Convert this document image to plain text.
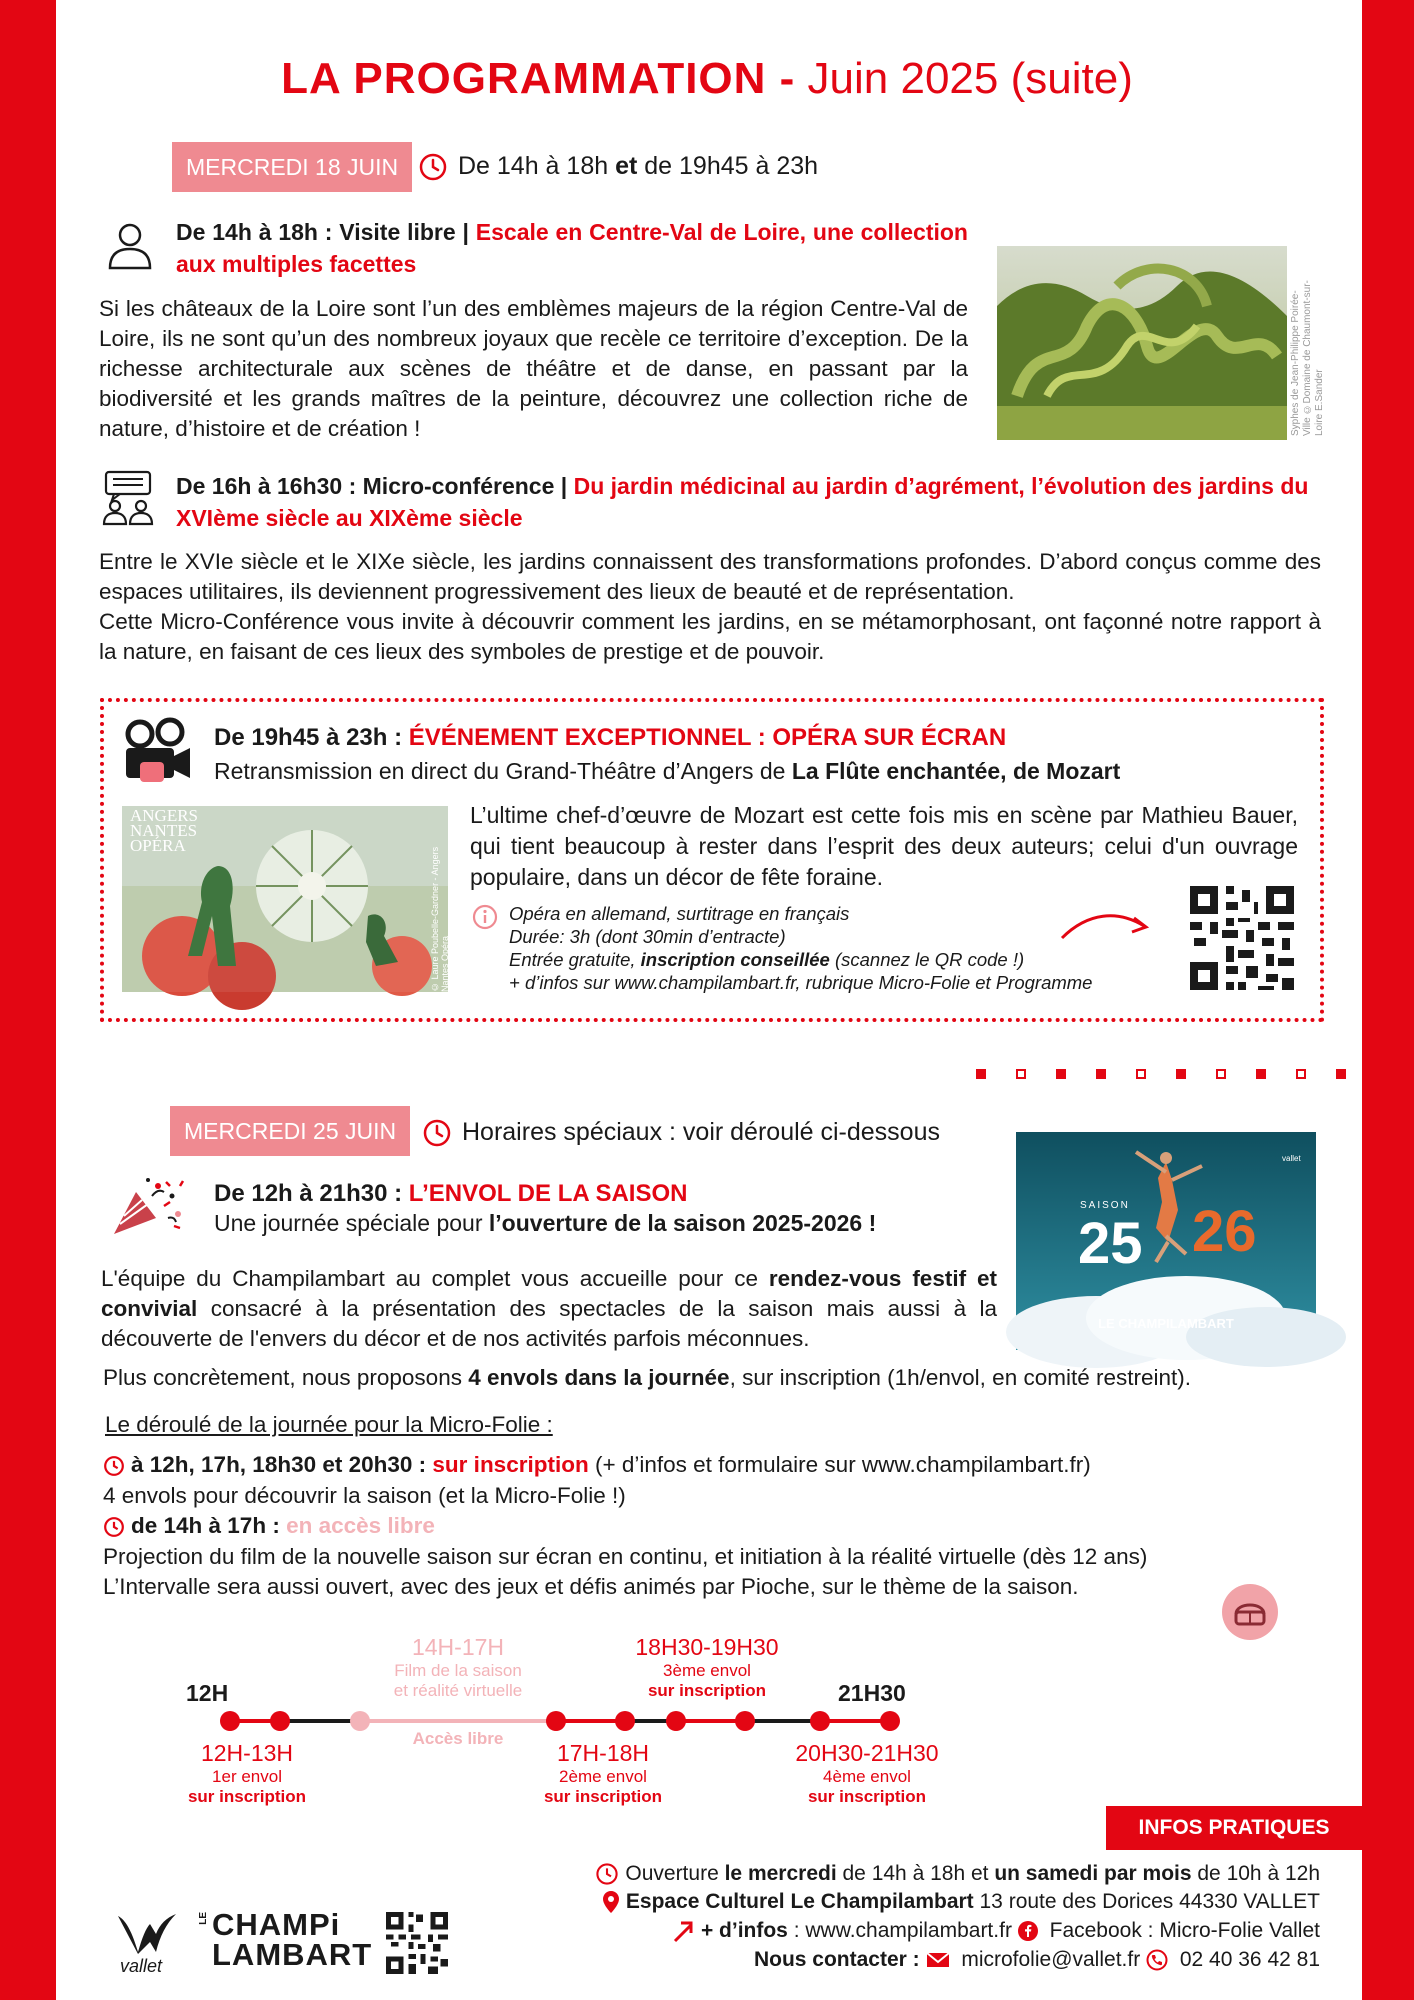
LA PROGRAMMATION - Juin 2025 (suite)
MERCREDI 18 JUIN	De 14h à 18h et de 19h45 à 23h
De 14h à 18h : Visite libre | Escale en Centre-Val de Loire, une collection aux multiples facettes
Si les châteaux de la Loire sont l’un des emblèmes majeurs de la région Centre-Val de Loire, ils ne sont qu’un des nombreux joyaux que recèle ce territoire d’exception. De la richesse architecturale aux scènes de théâtre et de danse, en passant par la biodiversité et les grands maîtres de la peinture, découvrez une collection riche de nature, d’histoire et de création !	Syphes de Jean-Philippe Poirée-Ville ©Domaine de Chaumont-sur-Loire E.Sander
De 16h à 16h30 : Micro-conférence | Du jardin médicinal au jardin d’agrément, l’évolution des jardins du XVIème siècle au XIXème siècle
Entre le XVIe siècle et le XIXe siècle, les jardins connaissent des transformations profondes. D’abord conçus comme des espaces utilitaires, ils deviennent progressivement des lieux de beauté et de représentation.
Cette Micro-Conférence vous invite à découvrir comment les jardins, en se métamorphosant, ont façonné notre rapport à la nature, en faisant de ces lieux des symboles de prestige et de pouvoir.
De 19h45 à 23h : ÉVÉNEMENT EXCEPTIONNEL : OPÉRA SUR ÉCRAN
Retransmission en direct du Grand-Théâtre d’Angers de La Flûte enchantée, de Mozart
ANGERS NANTES OPÉRA
© Laure Poubelle-Gardner - Angers Nantes Opéra
L’ultime chef-d’œuvre de Mozart est cette fois mis en scène par Mathieu Bauer, qui tient beaucoup à rester dans l’esprit des deux auteurs; celui d'un ouvrage populaire, dans un décor de fête foraine.
Opéra en allemand, surtitrage en français
Durée: 3h (dont 30min d’entracte)
Entrée gratuite, inscription conseillée (scannez le QR code !)
+ d’infos sur www.champilambart.fr, rubrique Micro-Folie et Programme
MERCREDI 25 JUIN	Horaires spéciaux : voir déroulé ci-dessous
De 12h à 21h30 : L’ENVOL DE LA SAISON
Une journée spéciale pour l’ouverture de la saison 2025-2026 !
SAISON
25 26
LE CHAMPILAMBART
vallet
L'équipe du Champilambart au complet vous accueille pour ce rendez-vous festif et convivial consacré à la présentation des spectacles de la saison mais aussi à la découverte de l'envers du décor et de nos activités parfois méconnues.
Plus concrètement, nous proposons 4 envols dans la journée, sur inscription (1h/envol, en comité restreint).
Le déroulé de la journée pour la Micro-Folie :
à 12h, 17h, 18h30 et 20h30 : sur inscription (+ d’infos et formulaire sur www.champilambart.fr)
4 envols pour découvrir la saison (et la Micro-Folie !)
de 14h à 17h : en accès libre
Projection du film de la nouvelle saison sur écran en continu, et initiation à la réalité virtuelle (dès 12 ans)
L’Intervalle sera aussi ouvert, avec des jeux et défis animés par Pioche, sur le thème de la saison.
12H	21H30
12H-13H
1er envol
sur inscription
14H-17H
Film de la saison
et réalité virtuelle
Accès libre
17H-18H
2ème envol
sur inscription
18H30-19H30
3ème envol
sur inscription
20H30-21H30
4ème envol
sur inscription
INFOS PRATIQUES
Ouverture le mercredi de 14h à 18h et un samedi par mois de 10h à 12h
Espace Culturel Le Champilambart 13 route des Dorices 44330 VALLET
+ d’infos : www.champilambart.fr  Facebook : Micro-Folie Vallet
Nous contacter :  microfolie@vallet.fr  02 40 36 42 81
vallet
LE CHAMPi
LAMBART
